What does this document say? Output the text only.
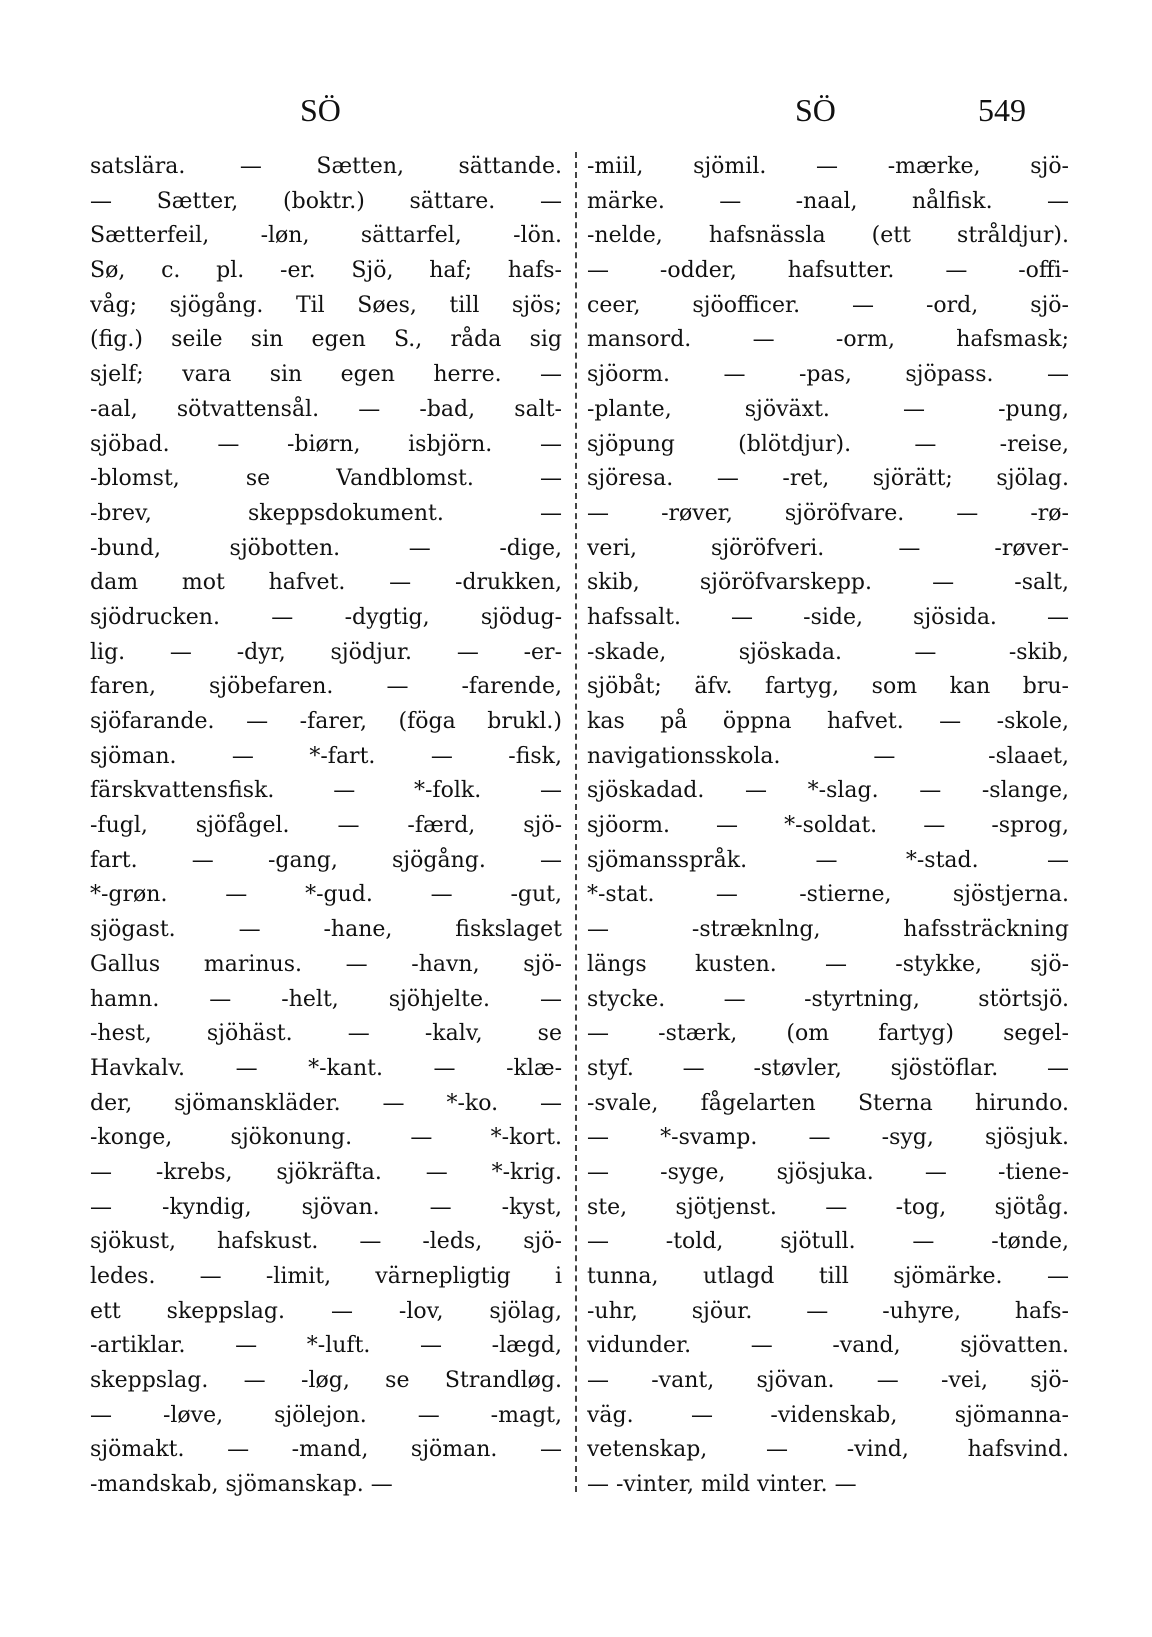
SÖ	SÖ	549
satslära. — Sætten, sättande.
— Sætter, (boktr.) sättare. —
Sætterfeil, -løn, sättarfel, -lön.
Sø, c. pl. -er. Sjö, haf; hafs-
våg; sjögång. Til Søes, till sjös;
(fig.) seile sin egen S., råda sig
sjelf; vara sin egen herre. —
-aal, sötvattensål. — -bad, salt-
sjöbad. — -biørn, isbjörn. —
-blomst, se Vandblomst. —
-brev, skeppsdokument. —
-bund, sjöbotten. — -dige,
dam mot hafvet. — -drukken,
sjödrucken. — -dygtig, sjödug-
lig. — -dyr, sjödjur. — -er-
faren, sjöbefaren. — -farende,
sjöfarande. — -farer, (föga brukl.)
sjöman. — *-fart. — -fisk,
färskvattensfisk. — *-folk. —
-fugl, sjöfågel. — -færd, sjö-
fart. — -gang, sjögång. —
*-grøn. — *-gud. — -gut,
sjögast. — -hane, fiskslaget
Gallus marinus. — -havn, sjö-
hamn. — -helt, sjöhjelte. —
-hest, sjöhäst. — -kalv, se
Havkalv. — *-kant. — -klæ-
der, sjömanskläder. — *-ko. —
-konge, sjökonung. — *-kort.
— -krebs, sjökräfta. — *-krig.
— -kyndig, sjövan. — -kyst,
sjökust, hafskust. — -leds, sjö-
ledes. — -limit, värnepligtig i
ett skeppslag. — -lov, sjölag,
-artiklar. — *-luft. — -lægd,
skeppslag. — -løg, se Strandløg.
— -løve, sjölejon. — -magt,
sjömakt. — -mand, sjöman. —
-mandskab, sjömanskap. —
-miil, sjömil. — -mærke, sjö-
märke. — -naal, nålfisk. —
-nelde, hafsnässla (ett stråldjur).
— -odder, hafsutter. — -offi-
ceer, sjöofficer. — -ord, sjö-
mansord. — -orm, hafsmask;
sjöorm. — -pas, sjöpass. —
-plante, sjöväxt. — -pung,
sjöpung (blötdjur). — -reise,
sjöresa. — -ret, sjörätt; sjölag.
— -røver, sjöröfvare. — -rø-
veri, sjöröfveri. — -røver-
skib, sjöröfvarskepp. — -salt,
hafssalt. — -side, sjösida. —
-skade, sjöskada. — -skib,
sjöbåt; äfv. fartyg, som kan bru-
kas på öppna hafvet. — -skole,
navigationsskola. — -slaaet,
sjöskadad. — *-slag. — -slange,
sjöorm. — *-soldat. — -sprog,
sjömansspråk. — *-stad. —
*-stat. — -stierne, sjöstjerna.
— -stræknlng, hafssträckning
längs kusten. — -stykke, sjö-
stycke. — -styrtning, störtsjö.
— -stærk, (om fartyg) segel-
styf. — -støvler, sjöstöflar. —
-svale, fågelarten Sterna hirundo.
— *-svamp. — -syg, sjösjuk.
— -syge, sjösjuka. — -tiene-
ste, sjötjenst. — -tog, sjötåg.
— -told, sjötull. — -tønde,
tunna, utlagd till sjömärke. —
-uhr, sjöur. — -uhyre, hafs-
vidunder. — -vand, sjövatten.
— -vant, sjövan. — -vei, sjö-
väg. — -videnskab, sjömanna-
vetenskap, — -vind, hafsvind.
— -vinter, mild vinter. —
